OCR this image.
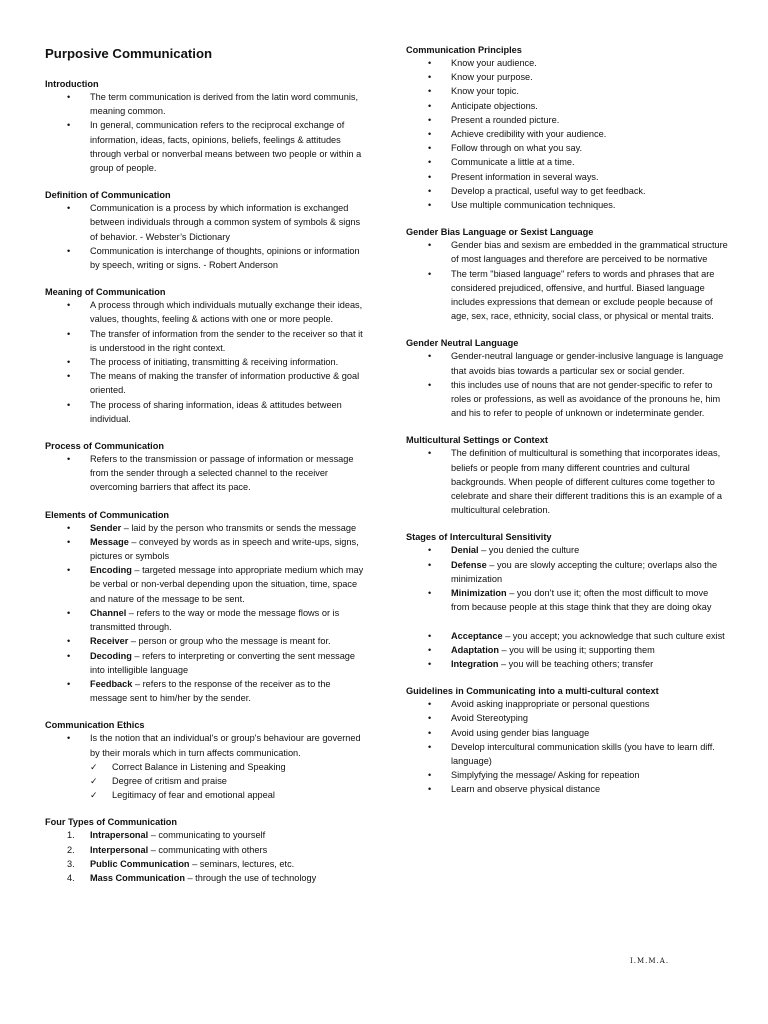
Purposive Communication
Introduction
• The term communication is derived from the latin word communis, meaning common.
• In general, communication refers to the reciprocal exchange of information, ideas, facts, opinions, beliefs, feelings & attitudes through verbal or nonverbal means between two people or within a group of people.
Definition of Communication
• Communication is a process by which information is exchanged between individuals through a common system of symbols & signs of behavior. - Webster’s Dictionary
• Communication is interchange of thoughts, opinions or information by speech, writing or signs. - Robert Anderson
Meaning of Communication
• A process through which individuals mutually exchange their ideas, values, thoughts, feeling & actions with one or more people.
• The transfer of information from the sender to the receiver so that it is understood in the right context.
• The process of initiating, transmitting & receiving information.
• The means of making the transfer of information productive & goal oriented.
• The process of sharing information, ideas & attitudes between individual.
Process of Communication
• Refers to the transmission or passage of information or message from the sender through a selected channel to the receiver overcoming barriers that affect its pace.
Elements of Communication
• Sender – laid by the person who transmits or sends the message
• Message – conveyed by words as in speech and write-ups, signs, pictures or symbols
• Encoding – targeted message into appropriate medium which may be verbal or non-verbal depending upon the situation, time, space and nature of the message to be sent.
• Channel – refers to the way or mode the message flows or is transmitted through.
• Receiver – person or group who the message is meant for.
• Decoding – refers to interpreting or converting the sent message into intelligible language
• Feedback – refers to the response of the receiver as to the message sent to him/her by the sender.
Communication Ethics
• Is the notion that an individual's or group's behaviour are governed by their morals which in turn affects communication.
✓ Correct Balance in Listening and Speaking
✓ Degree of critism and praise
✓ Legitimacy of fear and emotional appeal
Four Types of Communication
1. Intrapersonal – communicating to yourself
2. Interpersonal – communicating with others
3. Public Communication – seminars, lectures, etc.
4. Mass Communication – through the use of technology
Communication Principles
• Know your audience.
• Know your purpose.
• Know your topic.
• Anticipate objections.
• Present a rounded picture.
• Achieve credibility with your audience.
• Follow through on what you say.
• Communicate a little at a time.
• Present information in several ways.
• Develop a practical, useful way to get feedback.
• Use multiple communication techniques.
Gender Bias Language or Sexist Language
• Gender bias and sexism are embedded in the grammatical structure of most languages and therefore are perceived to be normative
• The term "biased language" refers to words and phrases that are considered prejudiced, offensive, and hurtful. Biased language includes expressions that demean or exclude people because of age, sex, race, ethnicity, social class, or physical or mental traits.
Gender Neutral Language
• Gender-neutral language or gender-inclusive language is language that avoids bias towards a particular sex or social gender.
• this includes use of nouns that are not gender-specific to refer to roles or professions, as well as avoidance of the pronouns he, him and his to refer to people of unknown or indeterminate gender.
Multicultural Settings or Context
• The definition of multicultural is something that incorporates ideas, beliefs or people from many different countries and cultural backgrounds. When people of different cultures come together to celebrate and share their different traditions this is an example of a multicultural celebration.
Stages of Intercultural Sensitivity
• Denial – you denied the culture
• Defense – you are slowly accepting the culture; overlaps also the minimization
• Minimization – you don’t use it; often the most difficult to move from because people at this stage think that they are doing okay
• Acceptance – you accept; you acknowledge that such culture exist
• Adaptation – you will be using it; supporting them
• Integration – you will be teaching others; transfer
Guidelines in Communicating into a multi-cultural context
• Avoid asking inappropriate or personal questions
• Avoid Stereotyping
• Avoid using gender bias language
• Develop intercultural communication skills (you have to learn diff. language)
• Simplyfying the message/ Asking for repeation
• Learn and observe physical distance
I.M.M.A.
